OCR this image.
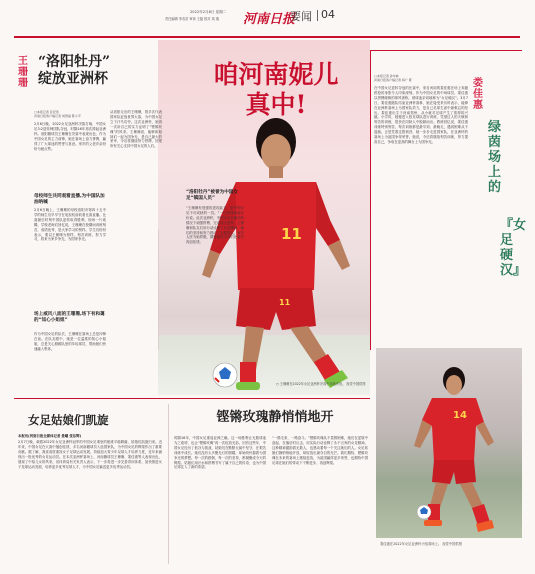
2022年2月8日 星期二
责任编辑 李若苗 审读 王磊 校对 周 瑞	河南日报
要闻 04
11
11
咱河南妮儿
真中!
王珊珊
“洛阳牡丹”
绽放亚洲杯
□本报记者 张宏涛
河南日报客户端记者 尚曾丽 陈小平
2月6日晚，2022女足亚洲杯决赛打响，中国女足3:2逆转韩国队夺冠，时隔16年再次捧起亚洲杯。洛阳籍球员王珊珊在决赛中表现出色，作为中国女足的主力前锋，她在赛场上奋力拼搏，赢得了广大球迷的赞誉与喜爱。家乡的父老乡亲纷纷为她点赞。
母校师生共同观看直播,为中国队加油呐喊
2月6日晚上，王珊珊的母校洛阳市第四十五中学的师生们早早守在电视机前收看比赛直播。比赛最后时刻中国队逆转取得胜利，现场一片欢腾。学校老师们回忆说，王珊珊在校期间训练刻苦，成绩优秀，是大家学习的榜样。学生们纷纷表示，要以王珊珊为榜样，刻苦训练、努力学习，将来为家乡争光，为国家争光。
场上威风八面的王珊珊,场下有和蔼的“知心小姐姐”
作为中国女足的队长，王珊珊在赛场上总是冲锋在前。在队友眼中，她是一位温柔的知心小姐姐，总是关心照顾队里的年轻球员，帮助她们快速融入集体。
从洛阳走出的王珊珊，曾多次代表国家队征战世界大赛，为中国女足立下汗马功劳。这次亚洲杯，她再一次用自己的实力证明了“铿锵玫瑰”的风采。王珊珊说，能够和姐妹们一起为国争光，是自己最大的荣幸，今后将继续努力拼搏，回报所有关心支持中国女足的人们。
“洛阳牡丹”被誉为中国女足“镇国人员”
“王珊珊有很强的进攻能力，是中国女足不可或缺的一员。”一位资深球迷评价说。此次亚洲杯，中国女足在落后的情况下顽强拼搏，完成惊天逆转。王珊珊和队友们用行动诠释了女足精神，她们的坚持和努力感动了无数国人。家乡人民为她骄傲，期待她在今后的比赛中再创佳绩。
○ 王珊珊在2022年女足亚洲杯决赛中奔跑庆祝。 视觉中国供图
□本报记者 孙华林
河南日报客户端记者 杨广 陈	娄佳惠
绿茵场上的
『女足硬汉』
在中国女足逆转夺冠的比赛中，来自河南的娄佳惠在场上奔跑拼抢的身影令人印象深刻。作为中国女足的中场球员，娄佳惠以拼搏硬朗的球风著称，被球迷亲切地称为“女足硬汉”。3月7日，娄佳惠随队结束亚洲杯赛事，她在接受采访时表示，能够在亚洲杯赛场上为国家队效力，是自己足球生涯中最难忘的经历。娄佳惠出生于河南郑州，从小就对足球产生了浓厚的兴趣。小学时，她便进入校足球队进行训练，凭借过人的天赋和刻苦的训练，很快在同龄人中脱颖而出。教练回忆说，娄佳惠训练特别刻苦，每次训练都是最早到、最晚走，遇到困难从不退缩。正是凭着这股韧劲，她一步步走进国家队，在亚洲杯的赛场上为祖国争得荣誉。她说，今后将继续刻苦训练，努力提高自己，争取在更高的舞台上为国争光。
14
娄佳惠在2022年女足亚洲杯小组赛场上。 视觉中国供图
女足姑娘们凯旋
本报讯(河南日报全媒体记者 聂曦 张东辉)
2月7日晚，载着2022年女足亚洲杯冠军的中国女足乘坐的航班平稳降落，姑娘们凯旋归来。近年来，中国女足在大赛中屡创佳绩，多名河南籍球员入选国家队，为中国女足的辉煌作出了重要贡献。据了解，我省高度重视女子足球运动发展，持续加大青少年足球人才培养力度，近年来涌现出一批优秀的女足运动员。在本次亚洲杯赛场上，河南籍球员王珊珊、娄佳惠等人表现出色，展现了中原儿女的风采。省体育局有关负责人表示，下一步将进一步完善青训体系，加快推进女子足球运动发展，培养更多优秀足球人才，为中国女足输送更多优秀运动员。
铿锵玫瑰静悄悄地开
时隔16年，中国女足重返亚洲之巅。这一场胜利让无数球迷为之欢呼，也让“铿锵玫瑰”再一次绽放光彩。回首这些年，中国女足经历了低谷与挑战，姑娘们在默默无闻中坚守，在艰苦训练中成长。她们没有太多聚光灯的照耀，却始终怀揣着为国争光的梦想。每一次的跌倒，每一次的坚持，都凝聚成今天的辉煌。姑娘们用汗水和拼搏书写了属于自己的传奇，也为中国足球注入了新的希望。
“一路走来，一路奋斗。”铿锵玫瑰从不畏惧困难，她们在逆境中奋起，在落后时反击，用实际行动诠释了永不言弃的女足精神。这种精神激励着无数人，也感动着每一个关注她们的人。女足姑娘们静悄悄地开放，却绽放出最夺目的光芒。我们期待，铿锵玫瑰在未来的赛场上继续怒放，为祖国赢得更多荣誉，也期待中国足球在她们的带动下不断进步、再创辉煌。
